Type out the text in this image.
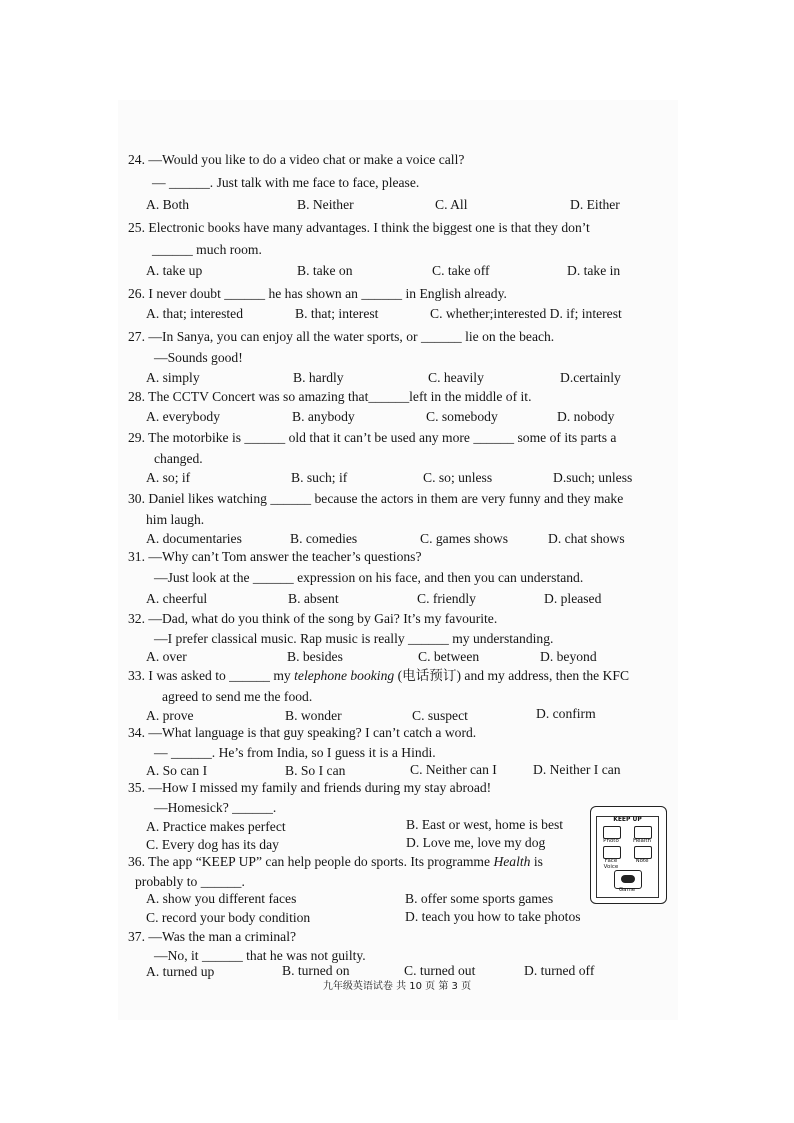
24. —Would you like to do a video chat or make a voice call?
— ______. Just talk with me face to face, please.
A. Both	B. Neither	C. All	D. Either
25. Electronic books have many advantages. I think the biggest one is that they don’t
______ much room.
A. take up	B. take on	C. take off	D. take in
26. I never doubt ______ he has shown an ______ in English already.
A. that; interested	B. that; interest	C. whether;interested D. if; interest
27. —In Sanya, you can enjoy all the water sports, or ______ lie on the beach.
—Sounds good!
A. simply	B. hardly	C. heavily	D.certainly
28. The CCTV Concert was so amazing that______left in the middle of it.
A. everybody	B. anybody	C. somebody	D. nobody
29. The motorbike is ______ old that it can’t be used any more ______ some of its parts a
changed.
A. so; if	B. such; if	C. so; unless	D.such; unless
30. Daniel likes watching ______ because the actors in them are very funny and they make
him laugh.
A. documentaries	B. comedies	C. games shows	D. chat shows
31. —Why can’t Tom answer the teacher’s questions?
—Just look at the ______ expression on his face, and then you can understand.
A. cheerful	B. absent	C. friendly	D. pleased
32. —Dad, what do you think of the song by Gai? It’s my favourite.
—I prefer classical music. Rap music is really ______ my understanding.
A. over	B. besides	C. between	D. beyond
33. I was asked to ______ my telephone booking (电话预订) and my address, then the KFC
agreed to send me the food.
A. prove	B. wonder	C. suspect	D. confirm
34. —What language is that guy speaking? I can’t catch a word.
— ______. He’s from India, so I guess it is a Hindi.
A. So can I	B. So I can	C. Neither can I	D. Neither I can
35. —How I missed my family and friends during my stay abroad!
—Homesick? ______.
A. Practice makes perfect	B. East or west, home is best
C. Every dog has its day	D. Love me, love my dog
36. The app “KEEP UP” can help people do sports. Its programme Health is
probably to ______.
A. show you different faces	B. offer some sports games
C. record your body condition	D. teach you how to take photos
37. —Was the man a criminal?
—No, it ______ that he was not guilty.
A. turned up	B. turned on	C. turned out	D. turned off
KEEP UP
Photo	Health
Face Voice
Note
Game
九年级英语试卷 共 10 页 第 3 页
